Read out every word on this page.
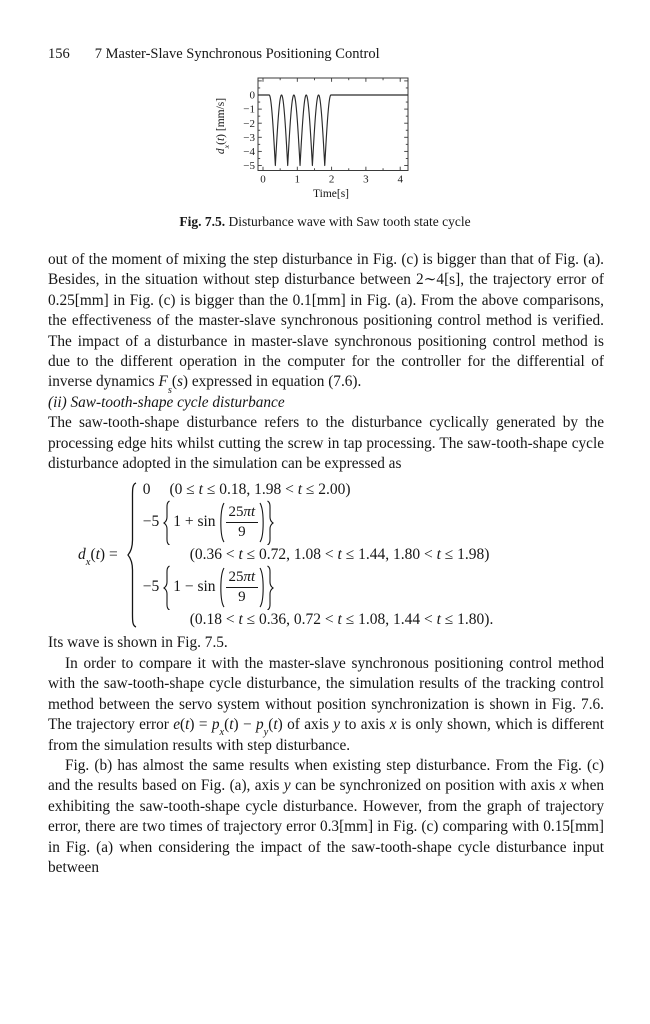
156 7 Master-Slave Synchronous Positioning Control
0	1	2	3	4
0
−1
−2
−3
−4
−5
$d_x(t)$ [mm/s]
Time[s]
Fig. 7.5. Disturbance wave with Saw tooth state cycle

out of the moment of mixing the step disturbance in Fig. (c) is bigger than that of Fig. (a). Besides, in the situation without step disturbance between 2∼4[s], the trajectory error of 0.25[mm] in Fig. (c) is bigger than the 0.1[mm] in Fig. (a). From the above comparisons, the effectiveness of the master-slave synchronous positioning control method is verified. The impact of a disturbance in master-slave synchronous positioning control method is due to the different operation in the computer for the controller for the differential of inverse dynamics $F_s(s)$ expressed in equation (7.6).

(ii) Saw-tooth-shape cycle disturbance

The saw-tooth-shape disturbance refers to the disturbance cyclically generated by the processing edge hits whilst cutting the screw in tap processing. The saw-tooth-shape cycle disturbance adopted in the simulation can be expressed as

$d_x(t)$ =
0 (0 ≤ t ≤ 0.18, 1.98 < t ≤ 2.00)
−5 $1 + \sin \frac{25\pi t}{9}$
(0.36 < t ≤ 0.72, 1.08 < t ≤ 1.44, 1.80 < t ≤ 1.98)
−5 $1 - \sin \frac{25\pi t}{9}$
(0.18 < t ≤ 0.36, 0.72 < t ≤ 1.08, 1.44 < t ≤ 1.80).

Its wave is shown in Fig. 7.5.

In order to compare it with the master-slave synchronous positioning control method with the saw-tooth-shape cycle disturbance, the simulation results of the tracking control method between the servo system without position synchronization is shown in Fig. 7.6. The trajectory error $e(t) = p_x(t) - p_y(t)$ of axis y to axis x is only shown, which is different from the simulation results with step disturbance.

Fig. (b) has almost the same results when existing step disturbance. From the Fig. (c) and the results based on Fig. (a), axis y can be synchronized on position with axis x when exhibiting the saw-tooth-shape cycle disturbance. However, from the graph of trajectory error, there are two times of trajectory error 0.3[mm] in Fig. (c) comparing with 0.15[mm] in Fig. (a) when considering the impact of the saw-tooth-shape cycle disturbance input between
